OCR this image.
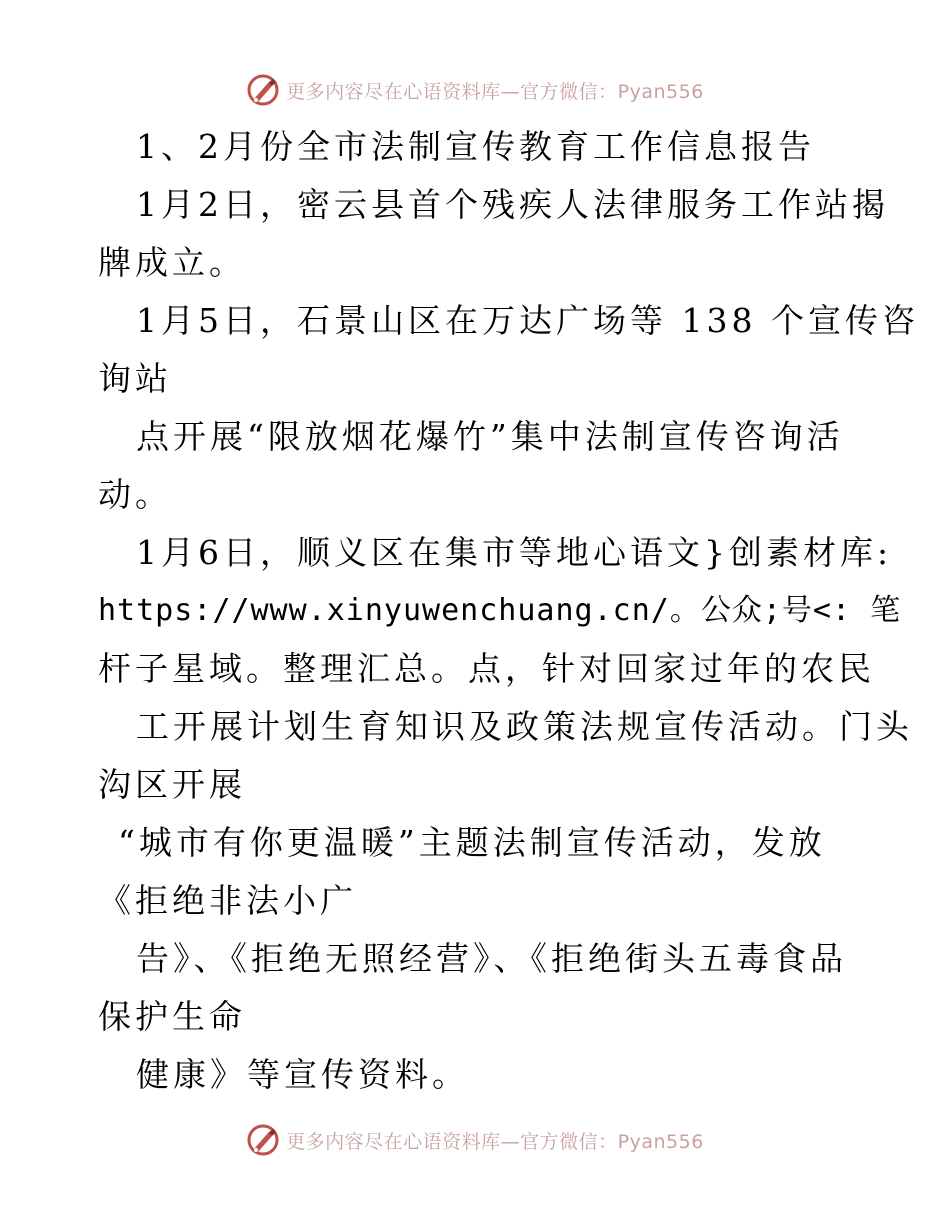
更多内容尽在心语资料库—官方微信：Pyan556
1、2月份全市法制宣传教育工作信息报告
1月2日，密云县首个残疾人法律服务工作站揭
牌成立。
1月5日，石景山区在万达广场等 138 个宣传咨
询站
点开展“限放烟花爆竹”集中法制宣传咨询活
动。
1月6日，顺义区在集市等地心语文}创素材库:
https://www.xinyuwenchuang.cn/。公众;号<: 笔
杆子星域。整理汇总。点，针对回家过年的农民
工开展计划生育知识及政策法规宣传活动。门头
沟区开展
“城市有你更温暖”主题法制宣传活动，发放
《拒绝非法小广
告》、《拒绝无照经营》、《拒绝街头五毒食品
保护生命
健康》等宣传资料。
更多内容尽在心语资料库—官方微信：Pyan556
